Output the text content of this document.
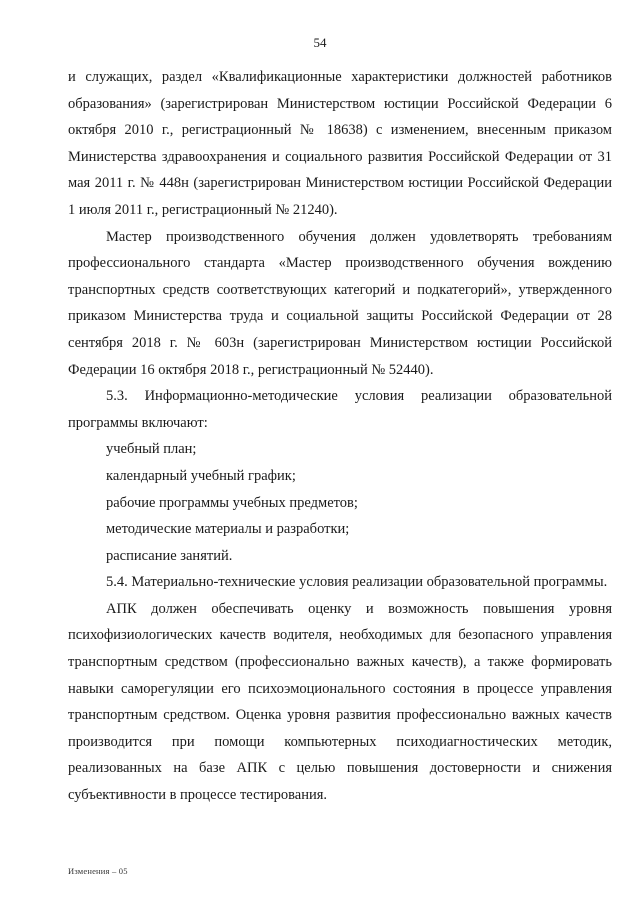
54

и служащих, раздел «Квалификационные характеристики должностей работников образования» (зарегистрирован Министерством юстиции Российской Федерации 6 октября 2010 г., регистрационный № 18638) с изменением, внесенным приказом Министерства здравоохранения и социального развития Российской Федерации от 31 мая 2011 г. № 448н (зарегистрирован Министерством юстиции Российской Федерации 1 июля 2011 г., регистрационный № 21240).

Мастер производственного обучения должен удовлетворять требованиям профессионального стандарта «Мастер производственного обучения вождению транспортных средств соответствующих категорий и подкатегорий», утвержденного приказом Министерства труда и социальной защиты Российской Федерации от 28 сентября 2018 г. № 603н (зарегистрирован Министерством юстиции Российской Федерации 16 октября 2018 г., регистрационный № 52440).

5.3. Информационно-методические условия реализации образовательной программы включают:

учебный план;

календарный учебный график;

рабочие программы учебных предметов;

методические материалы и разработки;

расписание занятий.

5.4. Материально-технические условия реализации образовательной программы.

АПК должен обеспечивать оценку и возможность повышения уровня психофизиологических качеств водителя, необходимых для безопасного управления транспортным средством (профессионально важных качеств), а также формировать навыки саморегуляции его психоэмоционального состояния в процессе управления транспортным средством. Оценка уровня развития профессионально важных качеств производится при помощи компьютерных психодиагностических методик, реализованных на базе АПК с целью повышения достоверности и снижения субъективности в процессе тестирования.

Изменения – 05
